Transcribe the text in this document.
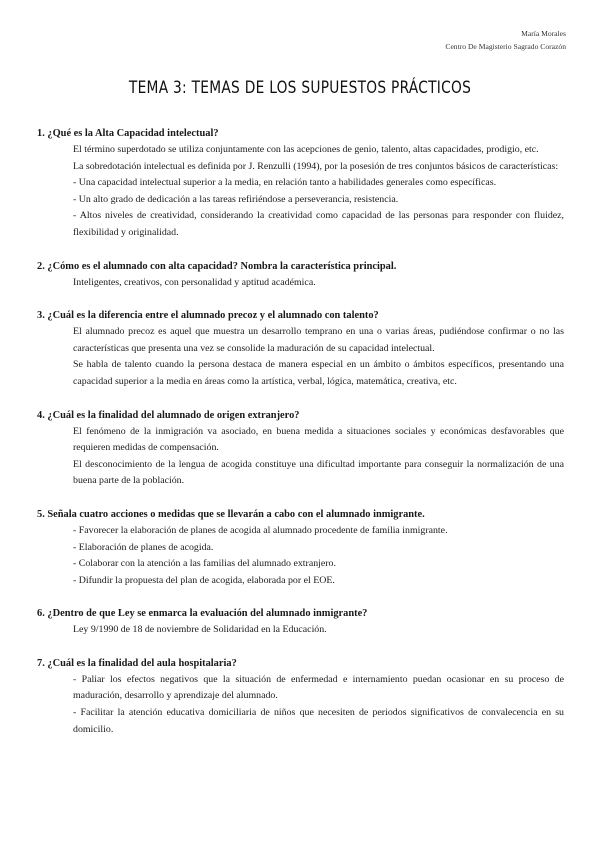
María Morales
Centro De Magisterio Sagrado Corazón
TEMA 3: TEMAS DE LOS SUPUESTOS PRÁCTICOS
1. ¿Qué es la Alta Capacidad intelectual?

El término superdotado se utiliza conjuntamente con las acepciones de genio, talento, altas capacidades, prodigio, etc.

La sobredotación intelectual es definida por J. Renzulli (1994), por la posesión de tres conjuntos básicos de características:

- Una capacidad intelectual superior a la media, en relación tanto a habilidades generales como específicas.

- Un alto grado de dedicación a las tareas refiriéndose a perseverancia, resistencia.

- Altos niveles de creatividad, considerando la creatividad como capacidad de las personas para responder con fluidez, flexibilidad y originalidad.

2. ¿Cómo es el alumnado con alta capacidad? Nombra la característica principal.

Inteligentes, creativos, con personalidad y aptitud académica.

3. ¿Cuál es la diferencia entre el alumnado precoz y el alumnado con talento?

El alumnado precoz es aquel que muestra un desarrollo temprano en una o varias áreas, pudiéndose confirmar o no las características que presenta una vez se consolide la maduración de su capacidad intelectual.

Se habla de talento cuando la persona destaca de manera especial en un ámbito o ámbitos específicos, presentando una capacidad superior a la media en áreas como la artística, verbal, lógica, matemática, creativa, etc.

4. ¿Cuál es la finalidad del alumnado de origen extranjero?

El fenómeno de la inmigración va asociado, en buena medida a situaciones sociales y económicas desfavorables que requieren medidas de compensación.

El desconocimiento de la lengua de acogida constituye una dificultad importante para conseguir la normalización de una buena parte de la población.

5. Señala cuatro acciones o medidas que se llevarán a cabo con el alumnado inmigrante.

- Favorecer la elaboración de planes de acogida al alumnado procedente de familia inmigrante.

- Elaboración de planes de acogida.

- Colaborar con la atención a las familias del alumnado extranjero.

- Difundir la propuesta del plan de acogida, elaborada por el EOE.

6. ¿Dentro de que Ley se enmarca la evaluación del alumnado inmigrante?

Ley 9/1990 de 18 de noviembre de Solidaridad en la Educación.

7. ¿Cuál es la finalidad del aula hospitalaria?

- Paliar los efectos negativos que la situación de enfermedad e internamiento puedan ocasionar en su proceso de maduración, desarrollo y aprendizaje del alumnado.

- Facilitar la atención educativa domiciliaria de niños que necesiten de periodos significativos de convalecencia en su domicilio.
